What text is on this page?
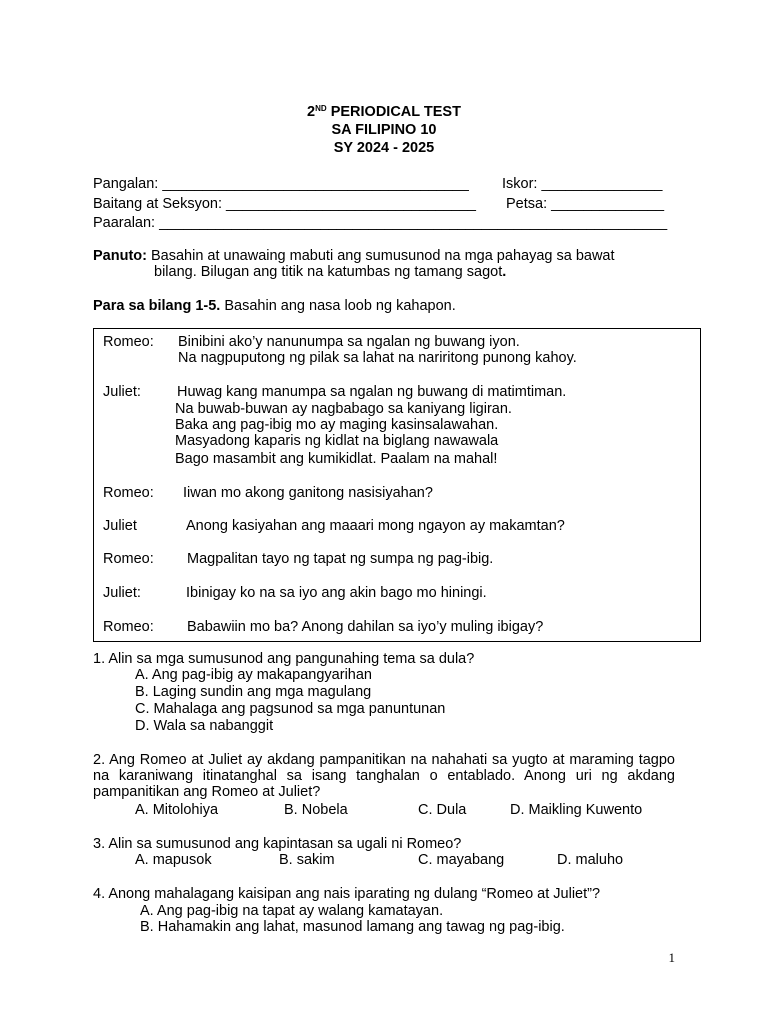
2ND PERIODICAL TEST
SA FILIPINO 10
SY 2024 - 2025
Pangalan: ______________________________________ Iskor: _______________
Baitang at Seksyon: _______________________________ Petsa: ______________
Paaralan: _______________________________________________________________
Panuto: Basahin at unawaing mabuti ang sumusunod na mga pahayag sa bawat
bilang. Bilugan ang titik na katumbas ng tamang sagot.
Para sa bilang 1-5. Basahin ang nasa loob ng kahapon.
Romeo: Binibini ako’y nanunumpa sa ngalan ng buwang iyon.
Na nagpuputong ng pilak sa lahat na nariritong punong kahoy.
Juliet: Huwag kang manumpa sa ngalan ng buwang di matimtiman.
Na buwab-buwan ay nagbabago sa kaniyang ligiran.
Baka ang pag-ibig mo ay maging kasinsalawahan.
Masyadong kaparis ng kidlat na biglang nawawala
Bago masambit ang kumikidlat. Paalam na mahal!
Romeo: Iiwan mo akong ganitong nasisiyahan?
Juliet	Anong kasiyahan ang maaari mong ngayon ay makamtan?
Romeo: Magpalitan tayo ng tapat ng sumpa ng pag-ibig.
Juliet:	Ibinigay ko na sa iyo ang akin bago mo hiningi.
Romeo: Babawiin mo ba? Anong dahilan sa iyo’y muling ibigay?
1. Alin sa mga sumusunod ang pangunahing tema sa dula?
A. Ang pag-ibig ay makapangyarihan
B. Laging sundin ang mga magulang
C. Mahalaga ang pagsunod sa mga panuntunan
D. Wala sa nabanggit
2. Ang Romeo at Juliet ay akdang pampanitikan na nahahati sa yugto at maraming tagpo na karaniwang itinatanghal sa isang tanghalan o entablado. Anong uri ng akdang pampanitikan ang Romeo at Juliet?
A. Mitolohiya	B. Nobela	C. Dula	D. Maikling Kuwento
3. Alin sa sumusunod ang kapintasan sa ugali ni Romeo?
A. mapusok	B. sakim	C. mayabang	D. maluho
4. Anong mahalagang kaisipan ang nais iparating ng dulang “Romeo at Juliet”?
A. Ang pag-ibig na tapat ay walang kamatayan.
B. Hahamakin ang lahat, masunod lamang ang tawag ng pag-ibig.
1
